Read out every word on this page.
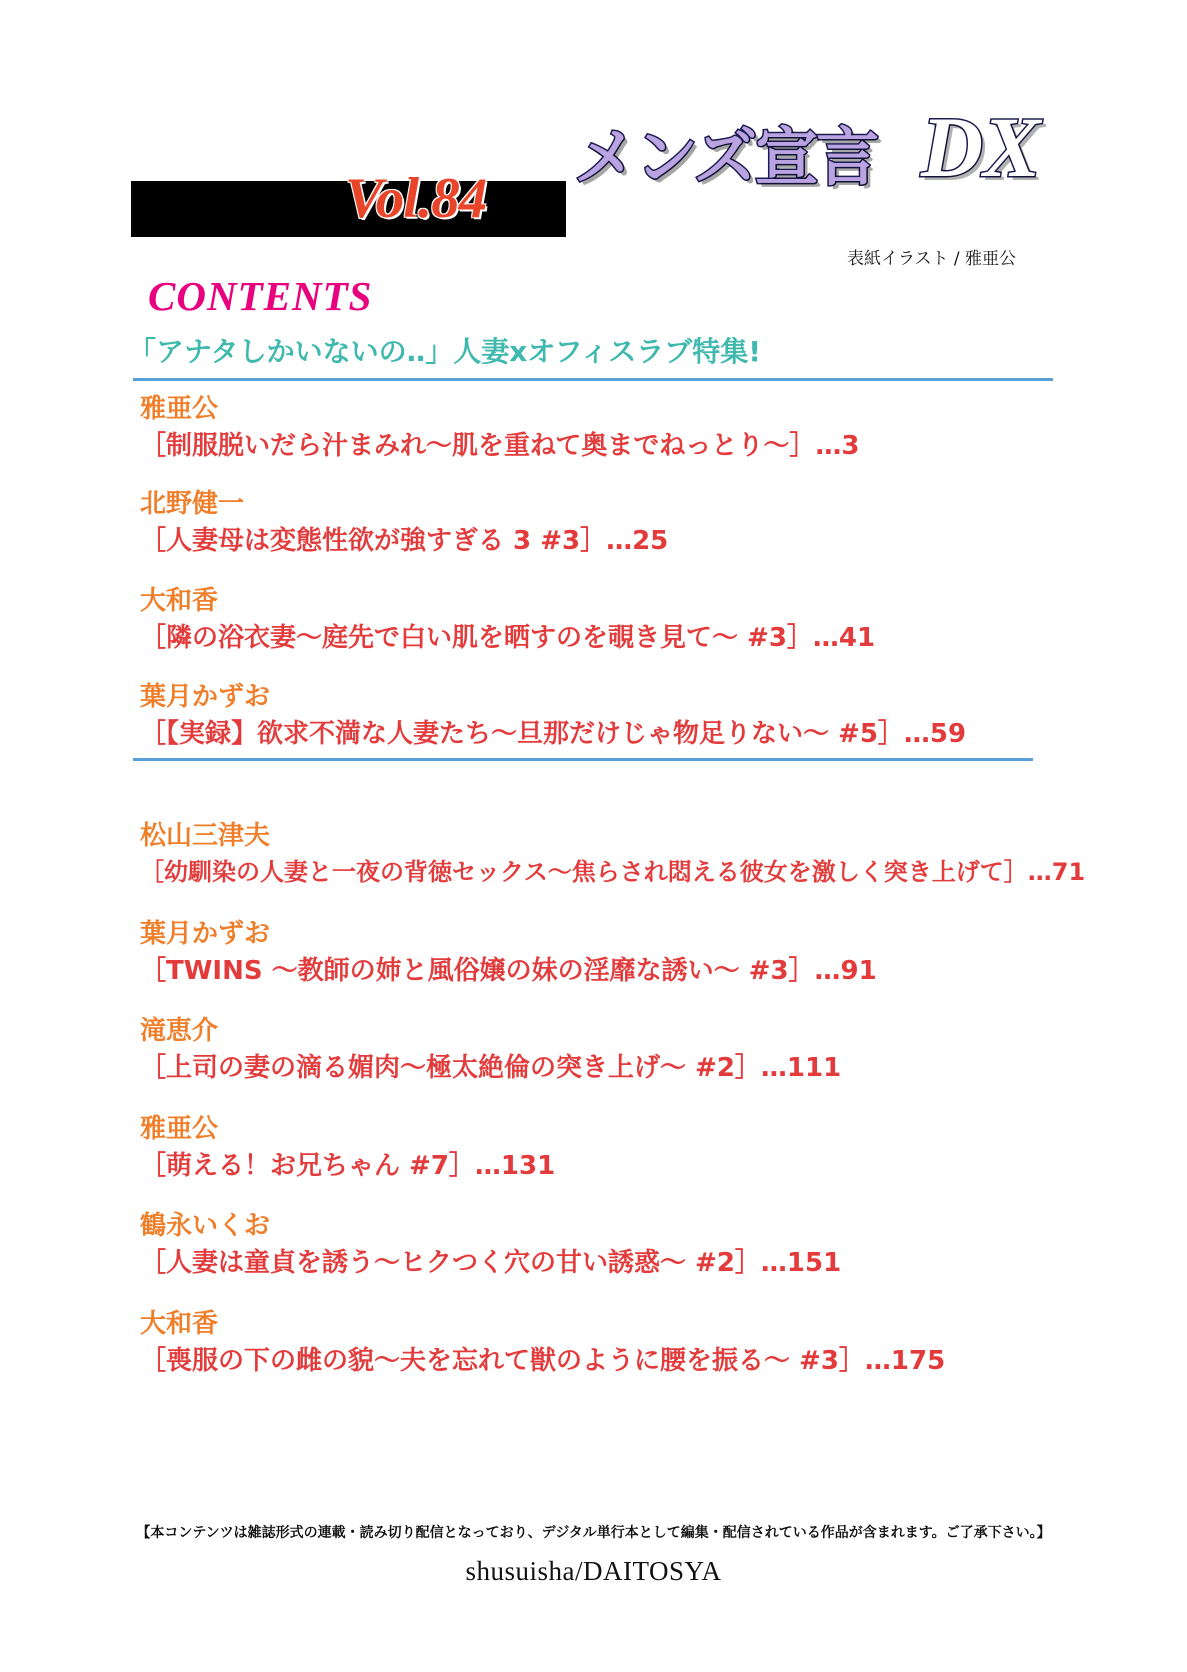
Vol.84
メンズ宣言 DX
表紙イラスト / 雅亜公
CONTENTS
「アナタしかいないの‥」人妻xオフィスラブ特集!
雅亜公
［制服脱いだら汁まみれ〜肌を重ねて奥までねっとり〜］…3
北野健一
［人妻母は変態性欲が強すぎる 3 #3］…25
大和香
［隣の浴衣妻〜庭先で白い肌を晒すのを覗き見て〜 #3］…41
葉月かずお
［【実録】欲求不満な人妻たち〜旦那だけじゃ物足りない〜 #5］…59
松山三津夫
［幼馴染の人妻と一夜の背徳セックス〜焦らされ悶える彼女を激しく突き上げて］…71
葉月かずお
［TWINS 〜教師の姉と風俗嬢の妹の淫靡な誘い〜 #3］…91
滝恵介
［上司の妻の滴る媚肉〜極太絶倫の突き上げ〜 #2］…111
雅亜公
［萌える！お兄ちゃん #7］…131
鶴永いくお
［人妻は童貞を誘う〜ヒクつく穴の甘い誘惑〜 #2］…151
大和香
［喪服の下の雌の貌〜夫を忘れて獣のように腰を振る〜 #3］…175
【本コンテンツは雑誌形式の連載・読み切り配信となっており、デジタル単行本として編集・配信されている作品が含まれます。ご了承下さい。】
shusuisha/DAITOSYA
